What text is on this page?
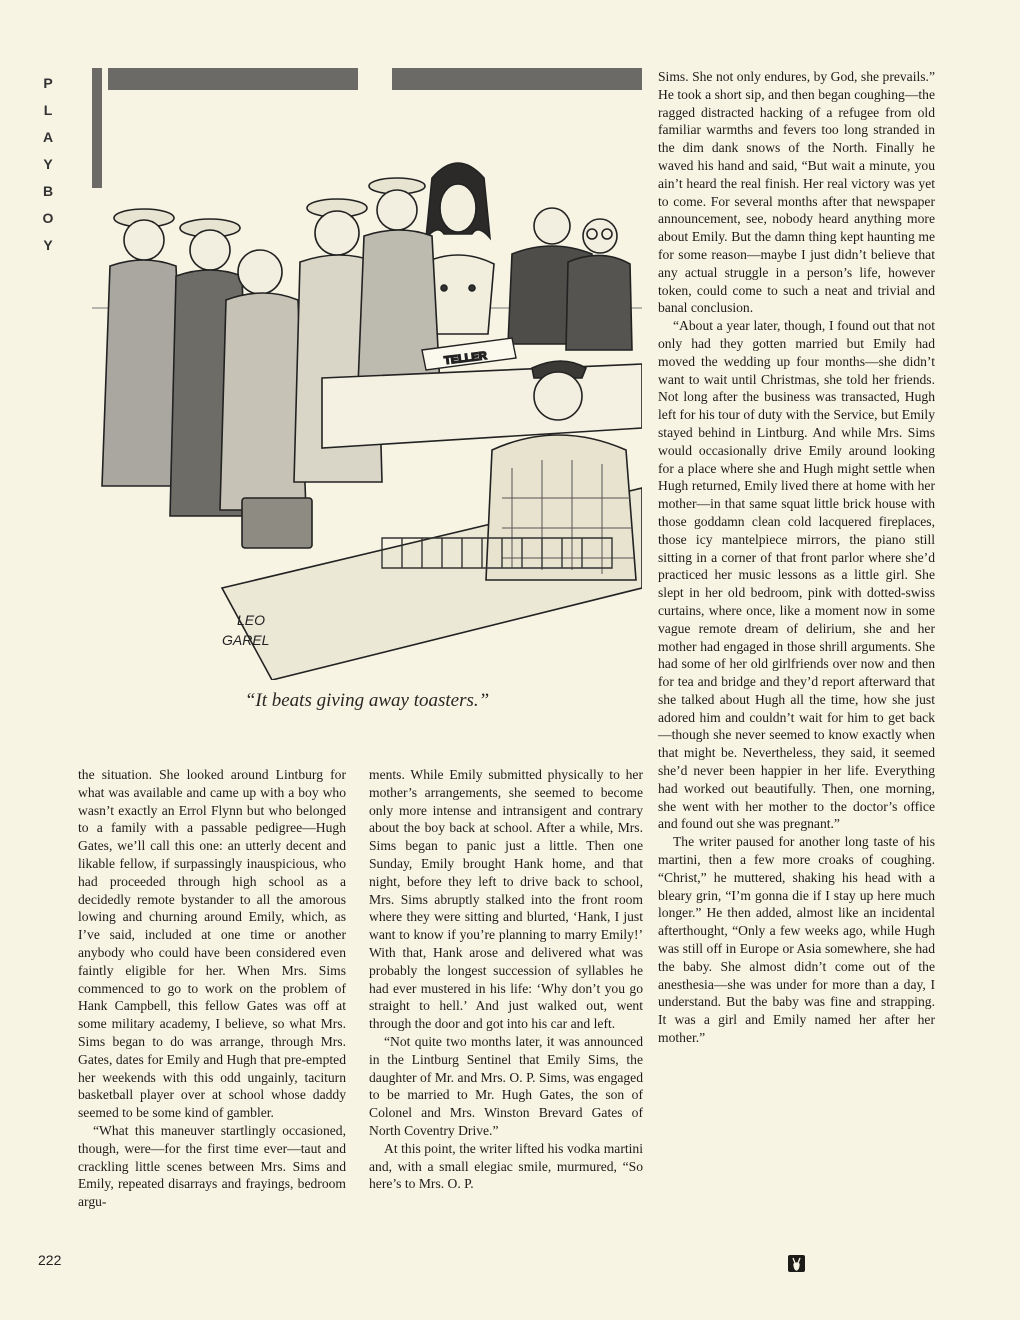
P
L
A
Y
B
O
Y
TELLER
LEO
GAREL
“It beats giving away toasters.”

the situation. She looked around Lintburg for what was available and came up with a boy who wasn’t exactly an Errol Flynn but who belonged to a family with a passable pedigree—Hugh Gates, we’ll call this one: an utterly decent and likable fellow, if surpassingly inauspicious, who had proceeded through high school as a decidedly remote bystander to all the amorous lowing and churning around Emily, which, as I’ve said, included at one time or another anybody who could have been considered even faintly eligible for her. When Mrs. Sims commenced to go to work on the problem of Hank Campbell, this fellow Gates was off at some military academy, I believe, so what Mrs. Sims began to do was arrange, through Mrs. Gates, dates for Emily and Hugh that pre-empted her weekends with this odd ungainly, taciturn basketball player over at school whose daddy seemed to be some kind of gambler.

“What this maneuver startlingly occasioned, though, were—for the first time ever—taut and crackling little scenes between Mrs. Sims and Emily, repeated disarrays and frayings, bedroom argu-

ments. While Emily submitted physically to her mother’s arrangements, she seemed to become only more intense and intransigent and contrary about the boy back at school. After a while, Mrs. Sims began to panic just a little. Then one Sunday, Emily brought Hank home, and that night, before they left to drive back to school, Mrs. Sims abruptly stalked into the front room where they were sitting and blurted, ‘Hank, I just want to know if you’re planning to marry Emily!’ With that, Hank arose and delivered what was probably the longest succession of syllables he had ever mustered in his life: ‘Why don’t you go straight to hell.’ And just walked out, went through the door and got into his car and left.

“Not quite two months later, it was announced in the Lintburg Sentinel that Emily Sims, the daughter of Mr. and Mrs. O. P. Sims, was engaged to be married to Mr. Hugh Gates, the son of Colonel and Mrs. Winston Brevard Gates of North Coventry Drive.”

At this point, the writer lifted his vodka martini and, with a small elegiac smile, murmured, “So here’s to Mrs. O. P.

Sims. She not only endures, by God, she prevails.” He took a short sip, and then began coughing—the ragged distracted hacking of a refugee from old familiar warmths and fevers too long stranded in the dim dank snows of the North. Finally he waved his hand and said, “But wait a minute, you ain’t heard the real finish. Her real victory was yet to come. For several months after that newspaper announcement, see, nobody heard anything more about Emily. But the damn thing kept haunting me for some reason—maybe I just didn’t believe that any actual struggle in a person’s life, however token, could come to such a neat and trivial and banal conclusion.

“About a year later, though, I found out that not only had they gotten married but Emily had moved the wedding up four months—she didn’t want to wait until Christmas, she told her friends. Not long after the business was transacted, Hugh left for his tour of duty with the Service, but Emily stayed behind in Lintburg. And while Mrs. Sims would occasionally drive Emily around looking for a place where she and Hugh might settle when Hugh returned, Emily lived there at home with her mother—in that same squat little brick house with those goddamn clean cold lacquered fireplaces, those icy mantelpiece mirrors, the piano still sitting in a corner of that front parlor where she’d practiced her music lessons as a little girl. She slept in her old bedroom, pink with dotted-swiss curtains, where once, like a moment now in some vague remote dream of delirium, she and her mother had engaged in those shrill arguments. She had some of her old girlfriends over now and then for tea and bridge and they’d report afterward that she talked about Hugh all the time, how she just adored him and couldn’t wait for him to get back—though she never seemed to know exactly when that might be. Nevertheless, they said, it seemed she’d never been happier in her life. Everything had worked out beautifully. Then, one morning, she went with her mother to the doctor’s office and found out she was pregnant.”

The writer paused for another long taste of his martini, then a few more croaks of coughing. “Christ,” he muttered, shaking his head with a bleary grin, “I’m gonna die if I stay up here much longer.” He then added, almost like an incidental afterthought, “Only a few weeks ago, while Hugh was still off in Europe or Asia somewhere, she had the baby. She almost didn’t come out of the anesthesia—she was under for more than a day, I understand. But the baby was fine and strapping. It was a girl and Emily named her after her mother.”

222
